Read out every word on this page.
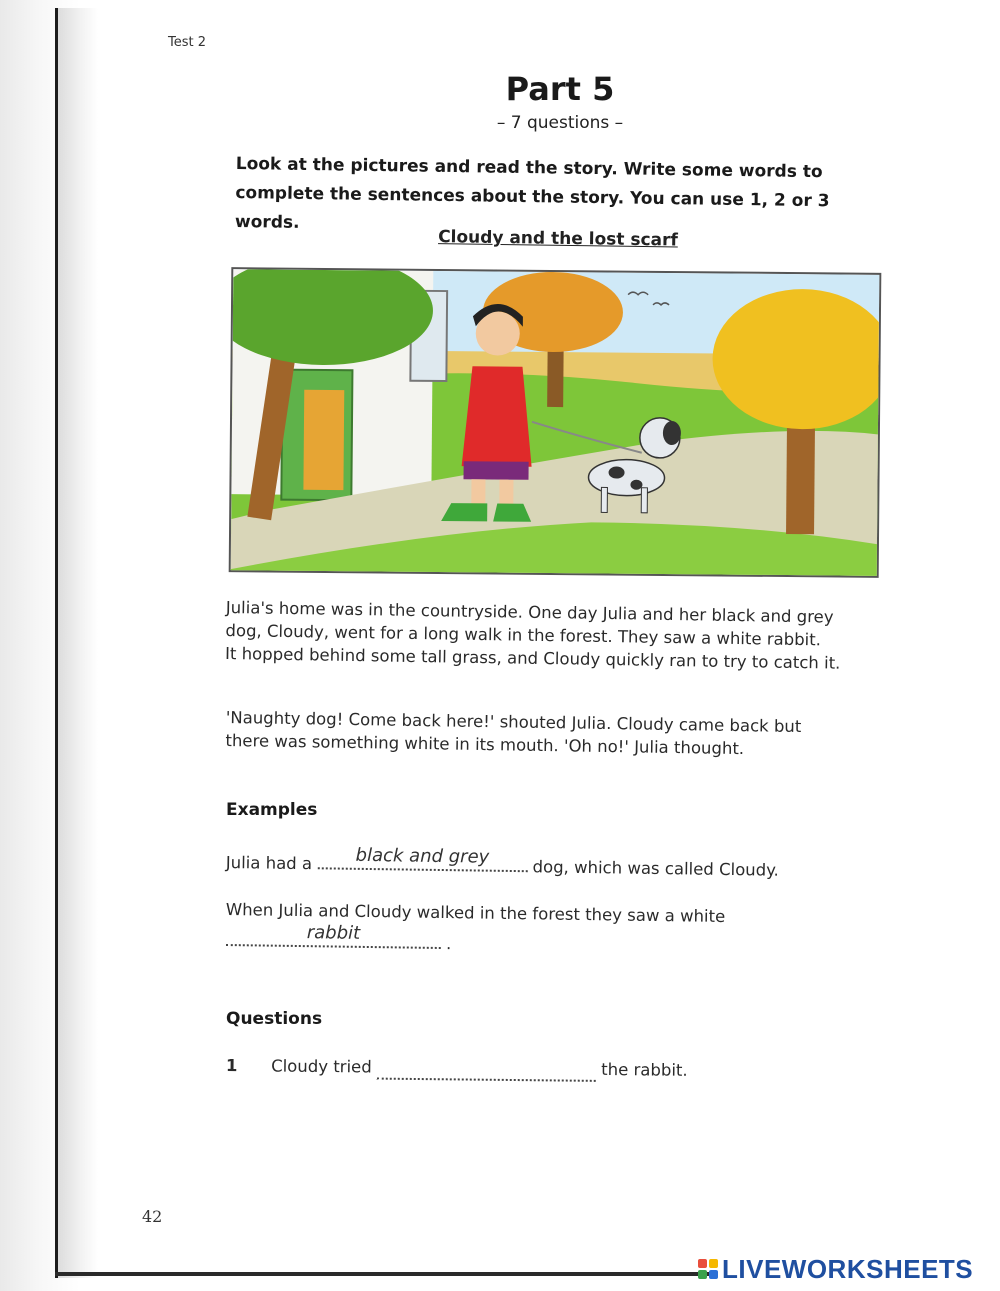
Test 2
Part 5
– 7 questions –
Look at the pictures and read the story. Write some words to
complete the sentences about the story. You can use 1, 2 or 3 words.
Cloudy and the lost scarf
Julia's home was in the countryside. One day Julia and her black and grey
dog, Cloudy, went for a long walk in the forest. They saw a white rabbit.
It hopped behind some tall grass, and Cloudy quickly ran to try to catch it.
'Naughty dog! Come back here!' shouted Julia. Cloudy came back but
there was something white in its mouth. 'Oh no!' Julia thought.
Examples
Julia had a	black and grey
dog, which was called Cloudy.
When Julia and Cloudy walked in the forest they saw a white
rabbit	.
Questions
1 Cloudy tried	the rabbit.
42
LIVEWORKSHEETS
